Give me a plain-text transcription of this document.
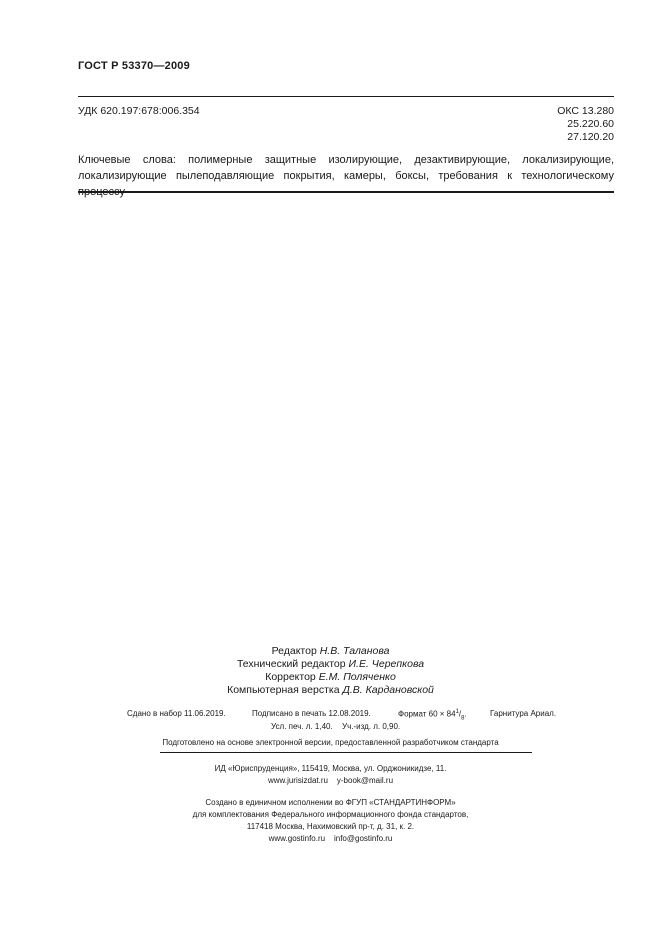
ГОСТ Р 53370—2009
УДК 620.197:678:006.354	ОКС 13.280
25.220.60
27.120.20
Ключевые слова: полимерные защитные изолирующие, дезактивирующие, локализирующие, локализирующие пылеподавляющие покрытия, камеры, боксы, требования к технологическому
Редактор Н.В. Таланова
Технический редактор И.Е. Черепкова
Корректор Е.М. Поляченко
Компьютерная верстка Д.В. Кардановской
Сдано в набор 11.06.2019.	Подписано в печать 12.08.2019.	Формат $60 \times 84^1/_8$.	Гарнитура Ариал.
Усл. печ. л. 1,40. Уч.-изд. л. 0,90.
Подготовлено на основе электронной версии, предоставленной разработчиком стандарта
ИД «Юриспруденция», 115419, Москва, ул. Орджоникидзе, 11.
www.jurisizdat.ru y-book@mail.ru
Создано в единичном исполнении во ФГУП «СТАНДАРТИНФОРМ»
для комплектования Федерального информационного фонда стандартов,
117418 Москва, Нахимовский пр-т, д. 31, к. 2.
www.gostinfo.ru info@gostinfo.ru
